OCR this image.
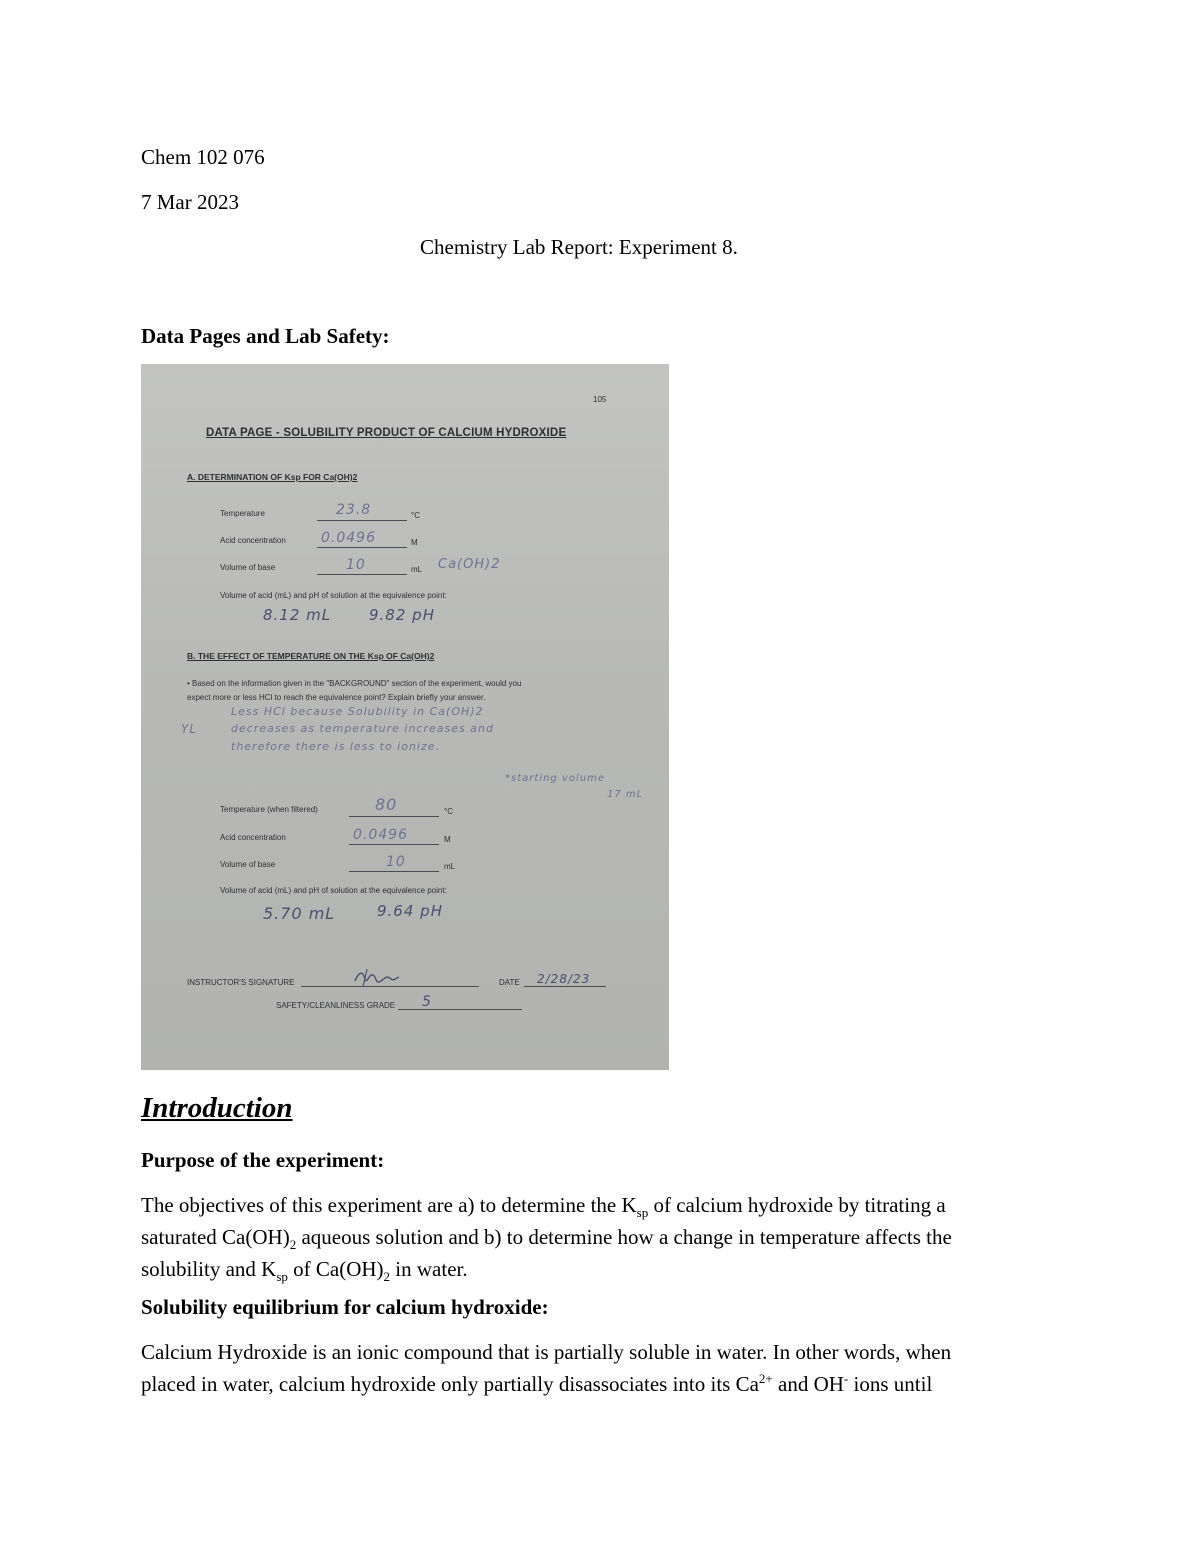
Chem 102 076
7 Mar 2023
Chemistry Lab Report: Experiment 8.
Data Pages and Lab Safety:
105
DATA PAGE - SOLUBILITY PRODUCT OF CALCIUM HYDROXIDE
A. DETERMINATION OF Ksp FOR Ca(OH)2
Temperature	23.8	°C
Acid concentration	0.0496	M
Volume of base	10	mL Ca(OH)2
Volume of acid (mL) and pH of solution at the equivalence point:
8.12 mL	9.82 pH
B. THE EFFECT OF TEMPERATURE ON THE Ksp OF Ca(OH)2
• Based on the information given in the "BACKGROUND" section of the experiment, would you
expect more or less HCl to reach the equivalence point? Explain briefly your answer.
Less HCl because Solubility in Ca(OH)2
decreases as temperature increases and
therefore there is less to ionize.
YL
*starting volume
17 mL
Temperature (when filtered)	80	°C
Acid concentration	0.0496	M
Volume of base	10	mL
Volume of acid (mL) and pH of solution at the equivalence point:
5.70 mL	9.64 pH
INSTRUCTOR'S SIGNATURE	DATE 2/28/23
SAFETY/CLEANLINESS GRADE 5
Introduction
Purpose of the experiment:
The objectives of this experiment are a) to determine the $K_{sp}$ of calcium hydroxide by titrating a
saturated $Ca(OH)_2$ aqueous solution and b) to determine how a change in temperature affects the
solubility and $K_{sp}$ of $Ca(OH)_2$ in water.
Solubility equilibrium for calcium hydroxide:
Calcium Hydroxide is an ionic compound that is partially soluble in water. In other words, when
placed in water, calcium hydroxide only partially disassociates into its $Ca^{2+}$ and OH- ions until
